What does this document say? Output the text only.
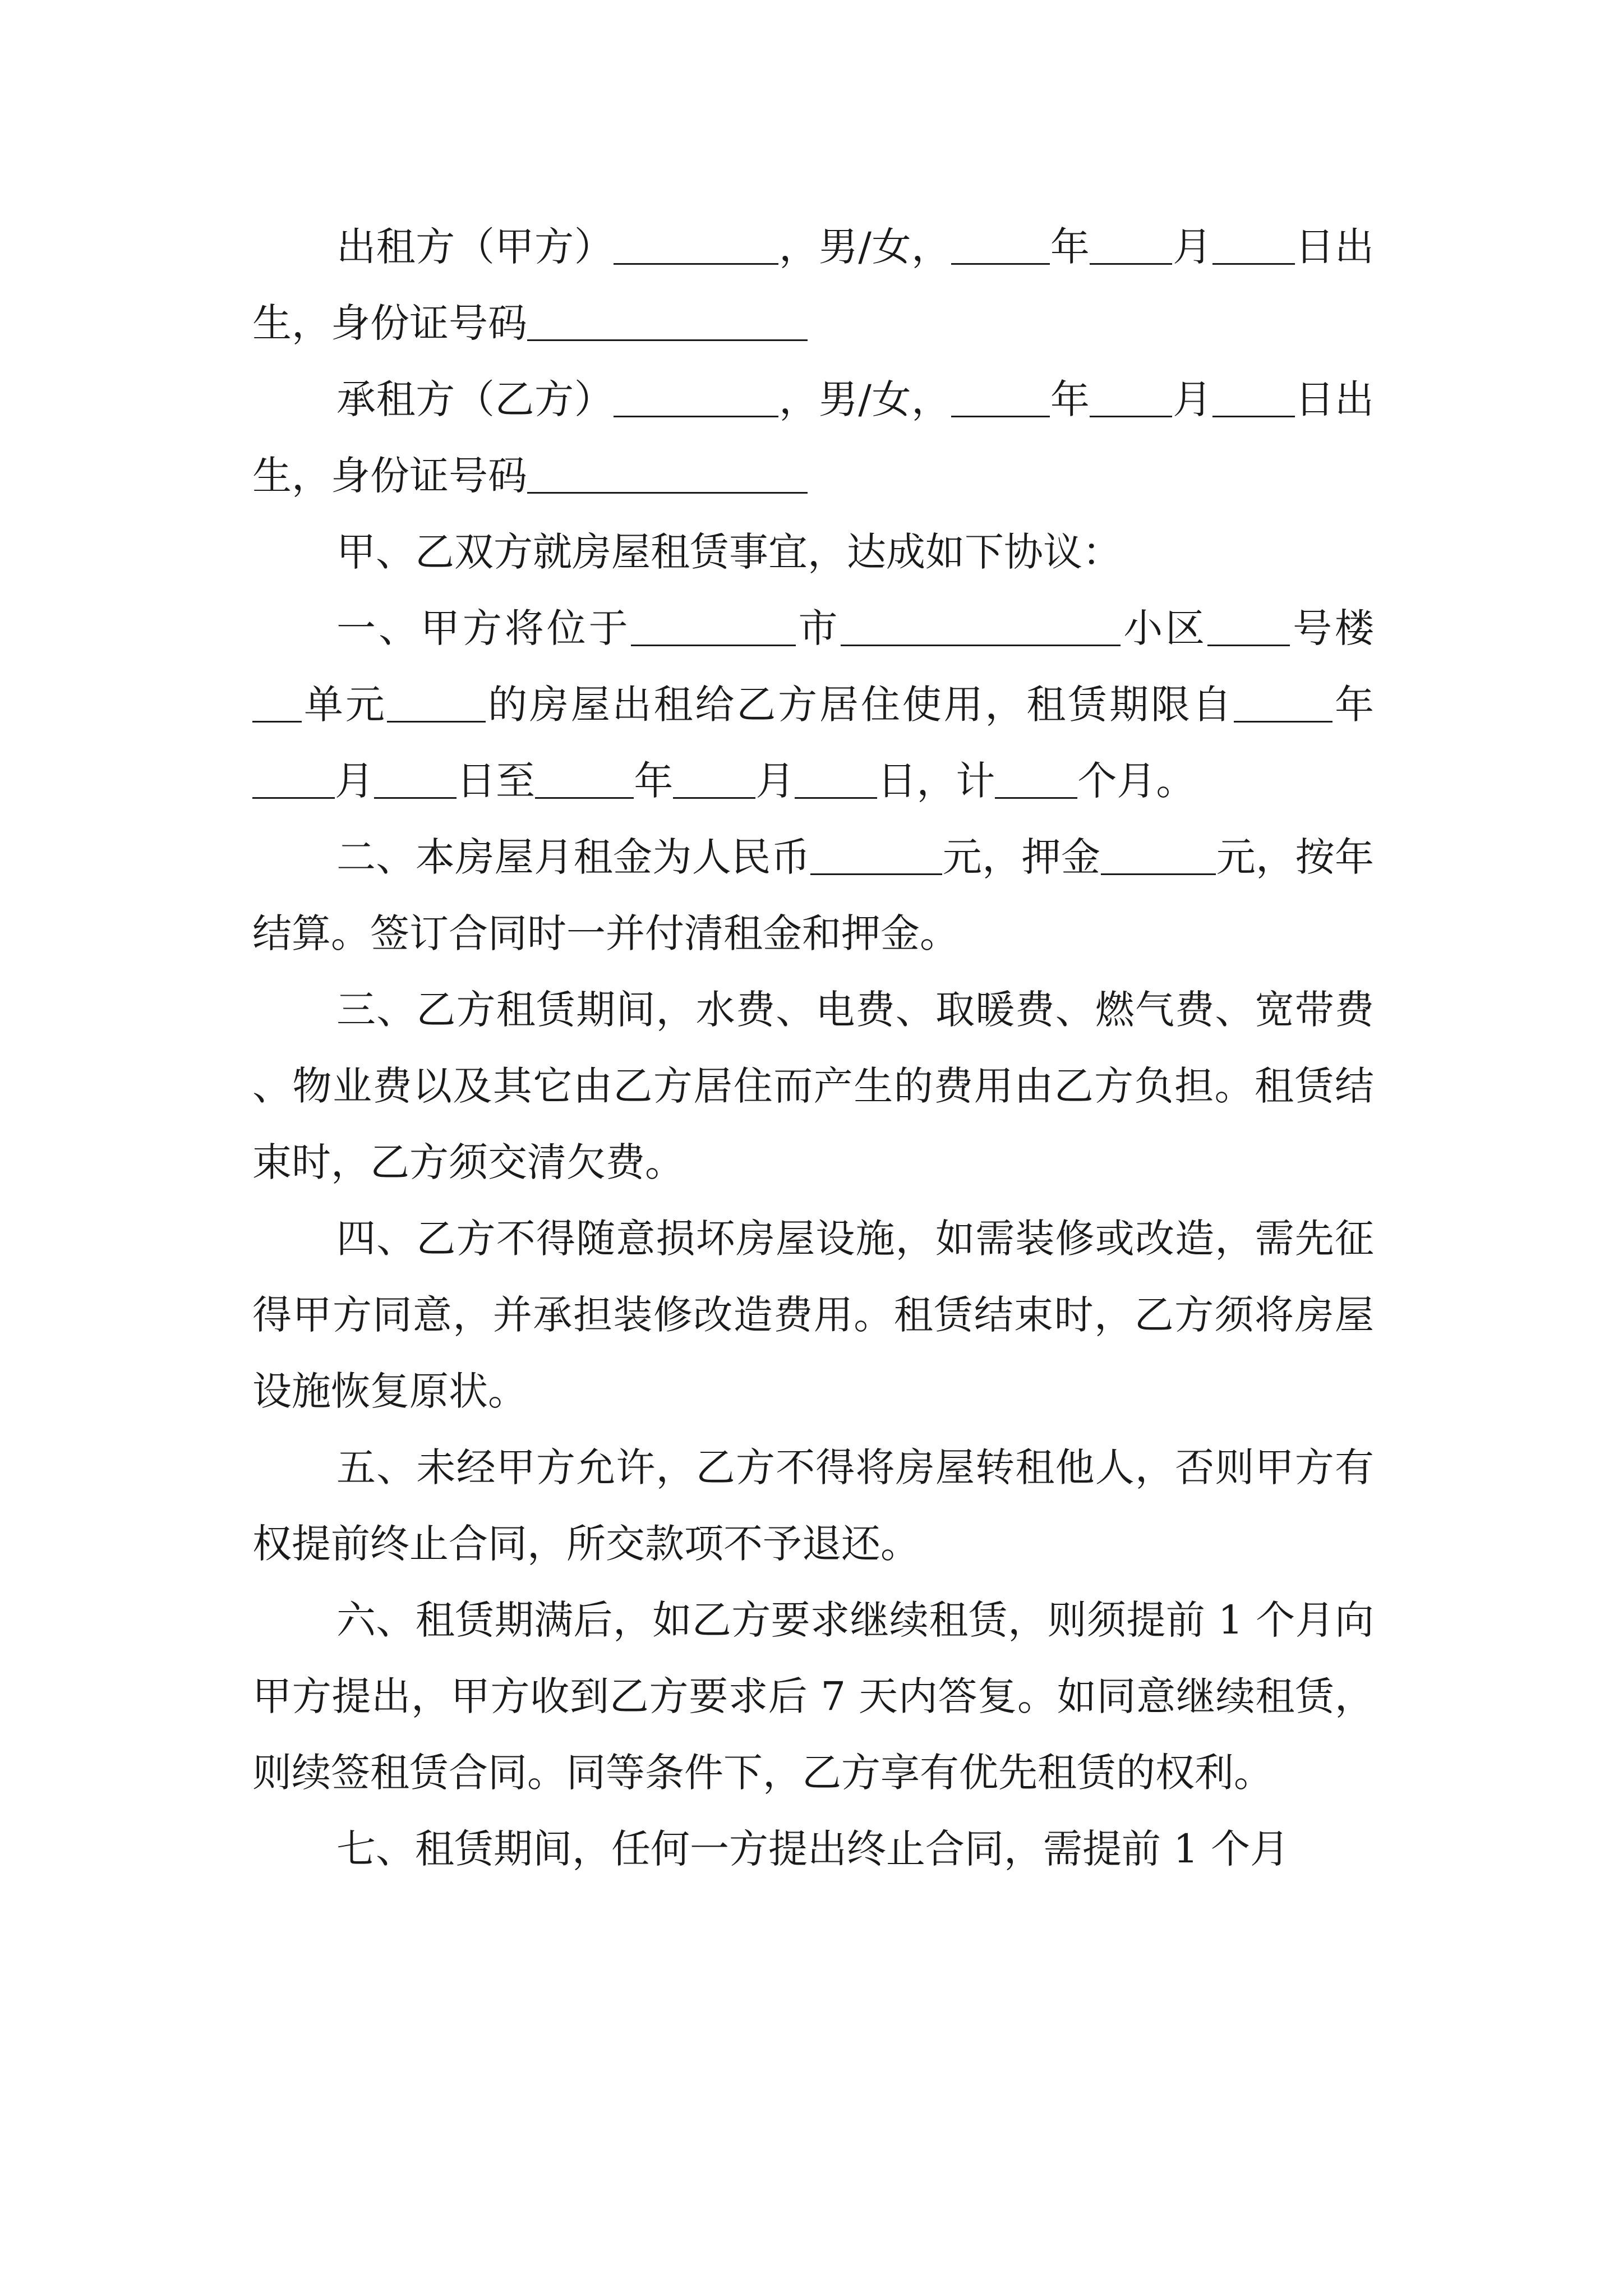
出租方（甲方）	，男/女，	年 月 日出生，身份证号码

承租方（乙方）	，男/女，	年 月 日出生，身份证号码

甲、乙双方就房屋租赁事宜，达成如下协议：

一、甲方将位于	市	小区 号楼单元	的房屋出租给乙方居住使用，租赁期限自	年月 日至	年 月 日，计 个月。

二、本房屋月租金为人民币	元，押金	元，按年结算。签订合同时一并付清租金和押金。

三、乙方租赁期间，水费、电费、取暖费、燃气费、宽带费、物业费以及其它由乙方居住而产生的费用由乙方负担。租赁结束时，乙方须交清欠费。

四、乙方不得随意损坏房屋设施，如需装修或改造，需先征得甲方同意，并承担装修改造费用。租赁结束时，乙方须将房屋设施恢复原状。

五、未经甲方允许，乙方不得将房屋转租他人，否则甲方有权提前终止合同，所交款项不予退还。

六、租赁期满后，如乙方要求继续租赁，则须提前 1 个月向甲方提出，甲方收到乙方要求后 7 天内答复。如同意继续租赁，则续签租赁合同。同等条件下，乙方享有优先租赁的权利。

七、租赁期间，任何一方提出终止合同，需提前 1 个月
